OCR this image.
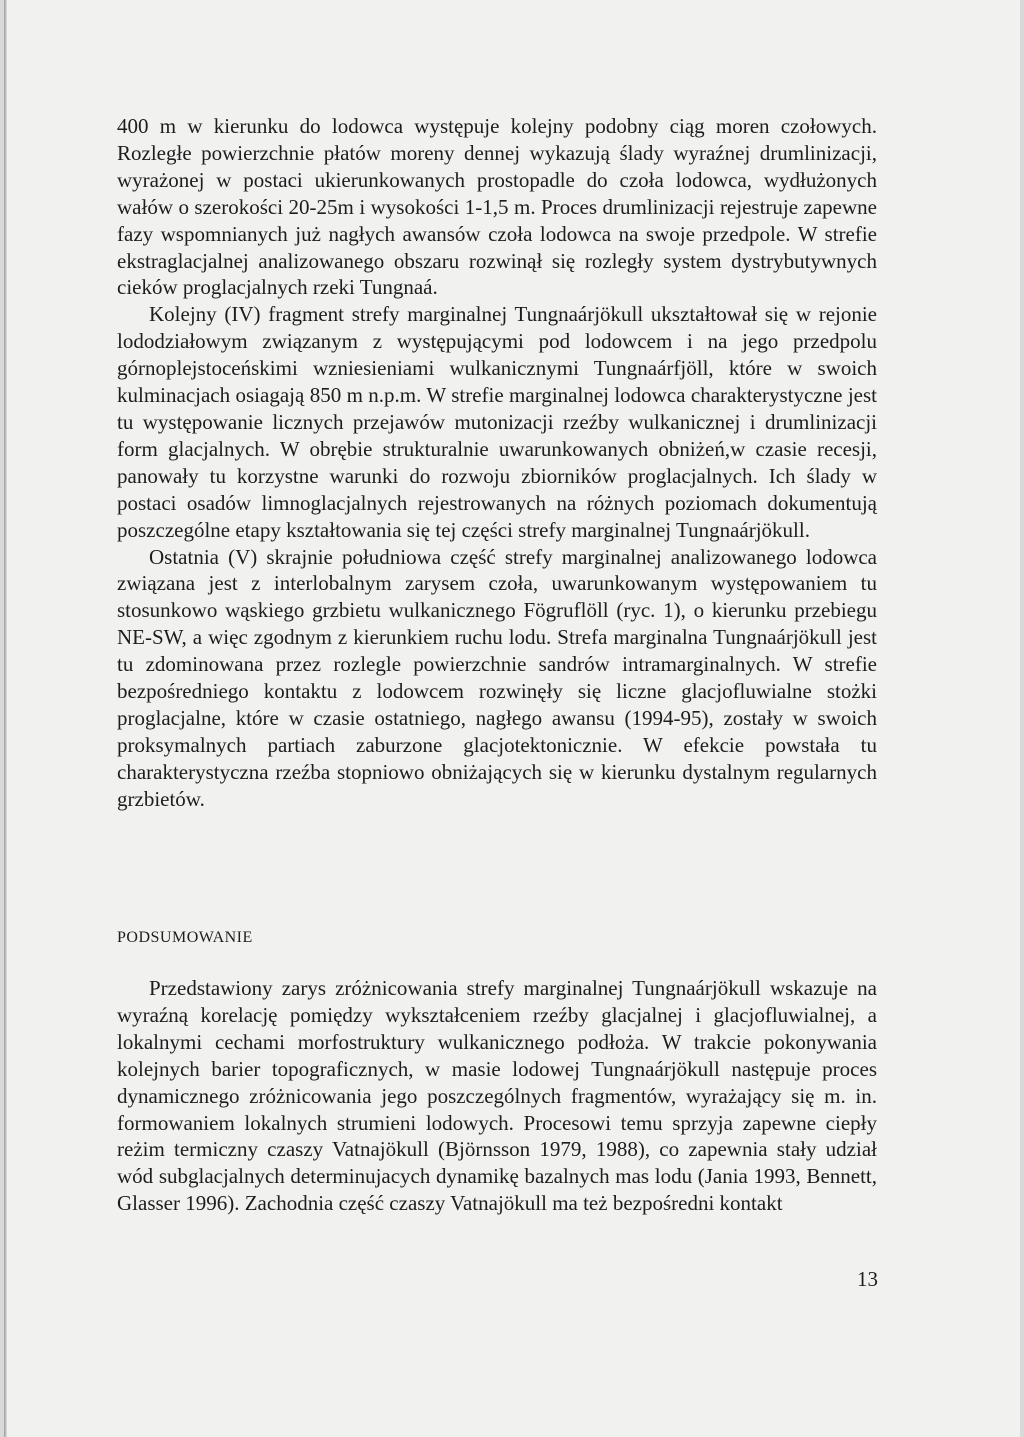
400 m w kierunku do lodowca występuje kolejny podobny ciąg moren czołowych. Rozległe powierzchnie płatów moreny dennej wykazują ślady wyraźnej drumlinizacji, wyrażonej w postaci ukierunkowanych prostopadle do czoła lodowca, wydłużonych wałów o szerokości 20-25m i wysokości 1-1,5 m. Proces drumlinizacji rejestruje zapewne fazy wspomnianych już nagłych awansów czoła lodowca na swoje przedpole. W strefie ekstraglacjalnej analizowanego obszaru rozwinął się rozległy system dystrybutywnych cieków proglacjalnych rzeki Tungnaá.

Kolejny (IV) fragment strefy marginalnej Tungnaárjökull ukształtował się w rejonie lododziałowym związanym z występującymi pod lodowcem i na jego przedpolu górnoplejstoceńskimi wzniesieniami wulkanicznymi Tungnaárfjöll, które w swoich kulminacjach osiagają 850 m n.p.m. W strefie marginalnej lodowca charakterystyczne jest tu występowanie licznych przejawów mutonizacji rzeźby wulkanicznej i drumlinizacji form glacjalnych. W obrębie strukturalnie uwarunkowanych obniżeń,w czasie recesji, panowały tu korzystne warunki do rozwoju zbiorników proglacjalnych. Ich ślady w postaci osadów limnoglacjalnych rejestrowanych na różnych poziomach dokumentują poszczególne etapy kształtowania się tej części strefy marginalnej Tungnaárjökull.

Ostatnia (V) skrajnie południowa część strefy marginalnej analizowanego lodowca związana jest z interlobalnym zarysem czoła, uwarunkowanym występowaniem tu stosunkowo wąskiego grzbietu wulkanicznego Fögruflöll (ryc. 1), o kierunku przebiegu NE-SW, a więc zgodnym z kierunkiem ruchu lodu. Strefa marginalna Tungnaárjökull jest tu zdominowana przez rozlegle powierzchnie sandrów intramarginalnych. W strefie bezpośredniego kontaktu z lodowcem rozwinęły się liczne glacjofluwialne stożki proglacjalne, które w czasie ostatniego, nagłego awansu (1994-95), zostały w swoich proksymalnych partiach zaburzone glacjotektonicznie. W efekcie powstała tu charakterystyczna rzeźba stopniowo obniżających się w kierunku dystalnym regularnych grzbietów.

PODSUMOWANIE

Przedstawiony zarys zróżnicowania strefy marginalnej Tungnaárjökull wskazuje na wyraźną korelację pomiędzy wykształceniem rzeźby glacjalnej i glacjofluwialnej, a lokalnymi cechami morfostruktury wulkanicznego podłoża. W trakcie pokonywania kolejnych barier topograficznych, w masie lodowej Tungnaárjökull następuje proces dynamicznego zróżnicowania jego poszczególnych fragmentów, wyrażający się m. in. formowaniem lokalnych strumieni lodowych. Procesowi temu sprzyja zapewne ciepły reżim termiczny czaszy Vatnajökull (Björnsson 1979, 1988), co zapewnia stały udział wód subglacjalnych determinujacych dynamikę bazalnych mas lodu (Jania 1993, Bennett, Glasser 1996). Zachodnia część czaszy Vatnajökull ma też bezpośredni kontakt

13
